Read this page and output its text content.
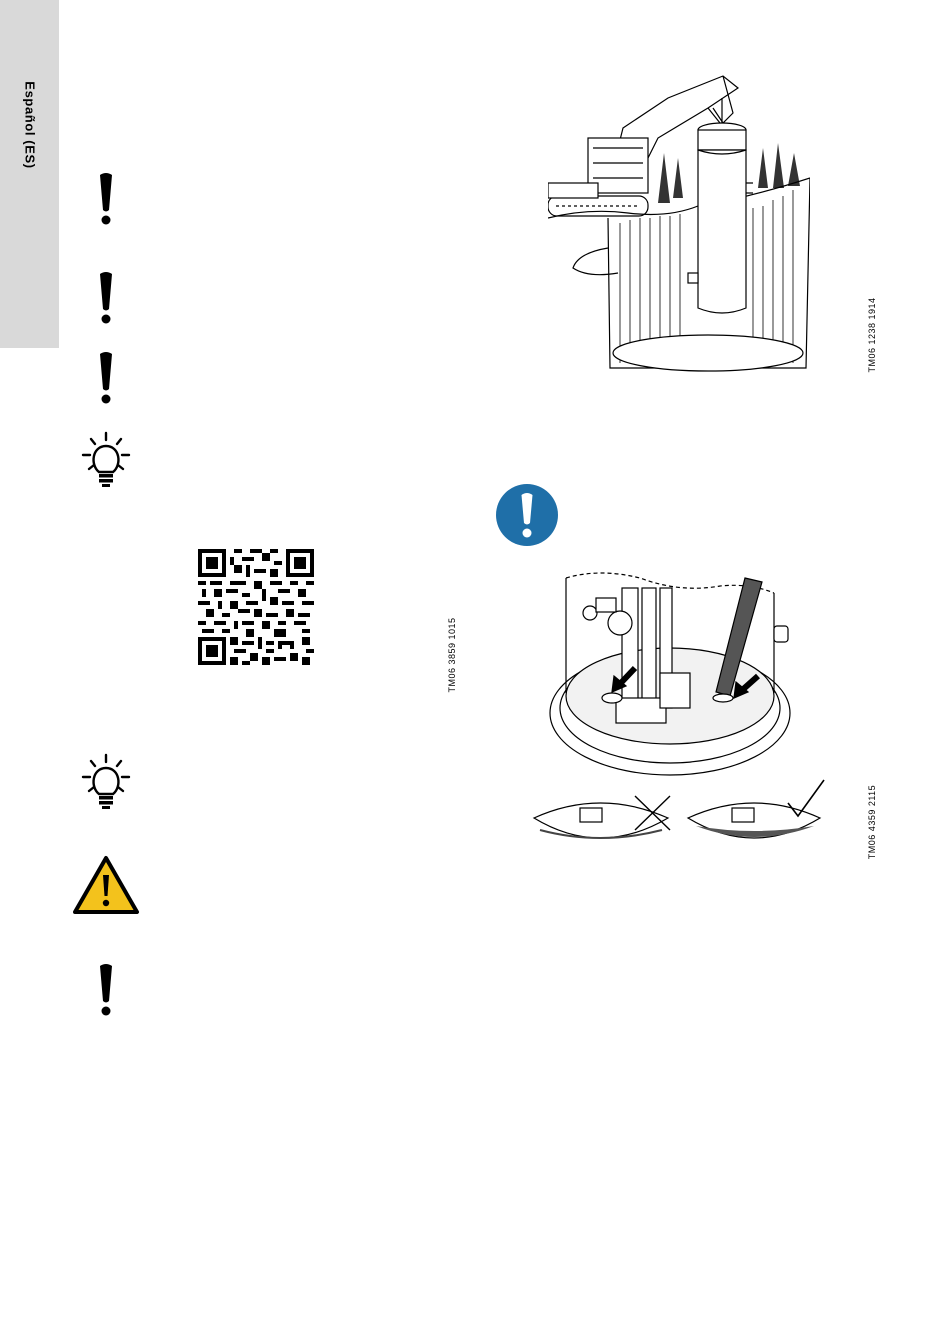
Español (ES)
TM06 3859 1015
TM06 1238 1914
TM06 4359 2115
